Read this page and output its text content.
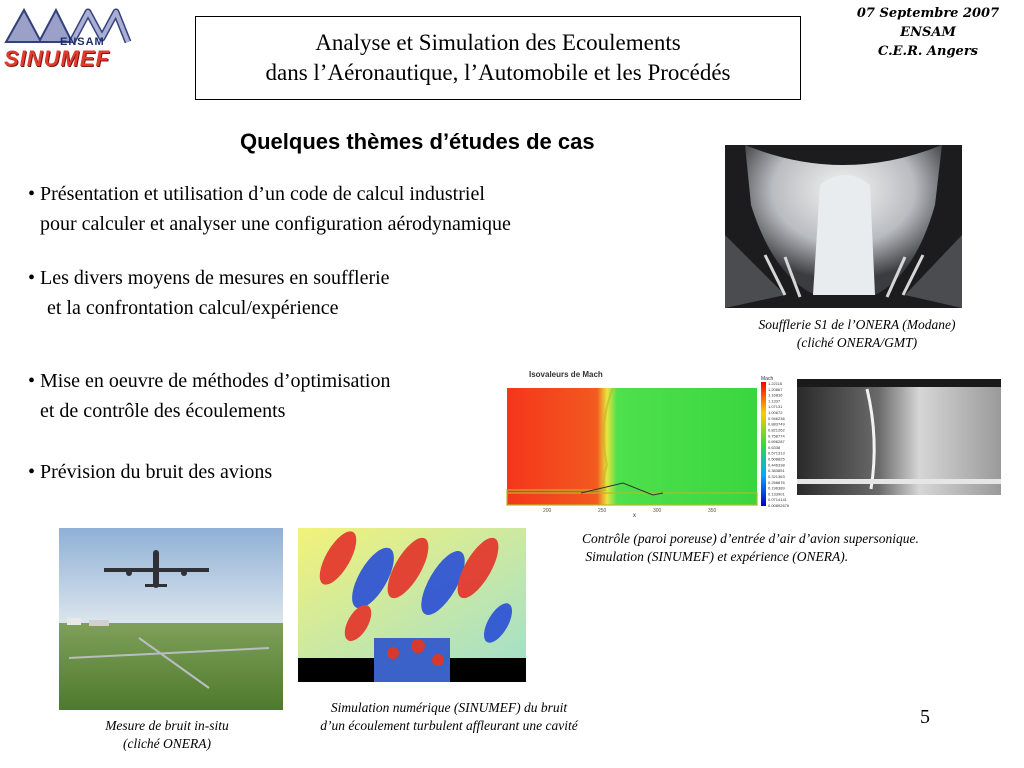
ENSAM
SINUMEF
Analyse et Simulation des Ecoulements
dans l’Aéronautique, l’Automobile et les Procédés
07 Septembre 2007
ENSAM
C.E.R. Angers
Quelques thèmes d’études de cas
• Présentation et utilisation d’un code de calcul industriel
pour calculer et analyser une configuration aérodynamique
• Les divers moyens de mesures en soufflerie
et la confrontation calcul/expérience
• Mise en oeuvre de méthodes d’optimisation
et de contrôle des écoulements
• Prévision du bruit des avions
Soufflerie S1 de l’ONERA (Modane)
(cliché ONERA/GMT)
Isovaleurs de Mach	Mach
1.22116
1.20867
1.16816
1.1337
1.07131
1.00672
0.946236
0.883749
0.821262
0.758774
0.696287
0.6338
0.571313
0.508825
0.446338
0.383851
0.321363
0.258876
0.196389
0.133901
0.0714141
0.00892676
200	250	300	350
x
Contrôle (paroi poreuse) d’entrée d’air d’avion supersonique.
Simulation (SINUMEF) et expérience (ONERA).
Mesure de bruit in-situ
(cliché ONERA)
Simulation numérique (SINUMEF) du bruit
d’un écoulement turbulent affleurant une cavité	5
